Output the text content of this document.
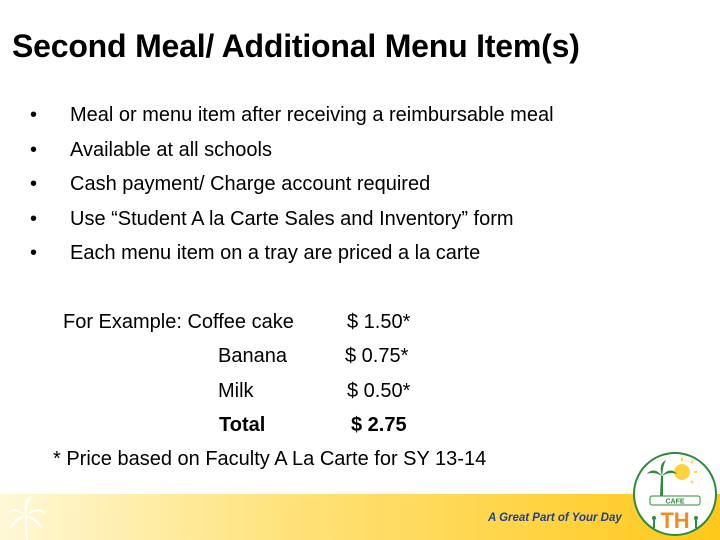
Second Meal/ Additional Menu Item(s)
• Meal or menu item after receiving a reimbursable meal
• Available at all schools
• Cash payment/ Charge account required
• Use “Student A la Carte Sales and Inventory” form
• Each menu item on a tray are priced a la carte
For Example: Coffee cake	$ 1.50*
Banana	$ 0.75*
Milk	$ 0.50*
Total	$ 2.75
* Price based on Faculty A La Carte for SY 13-14
A Great Part of Your Day
CAFE
TH
